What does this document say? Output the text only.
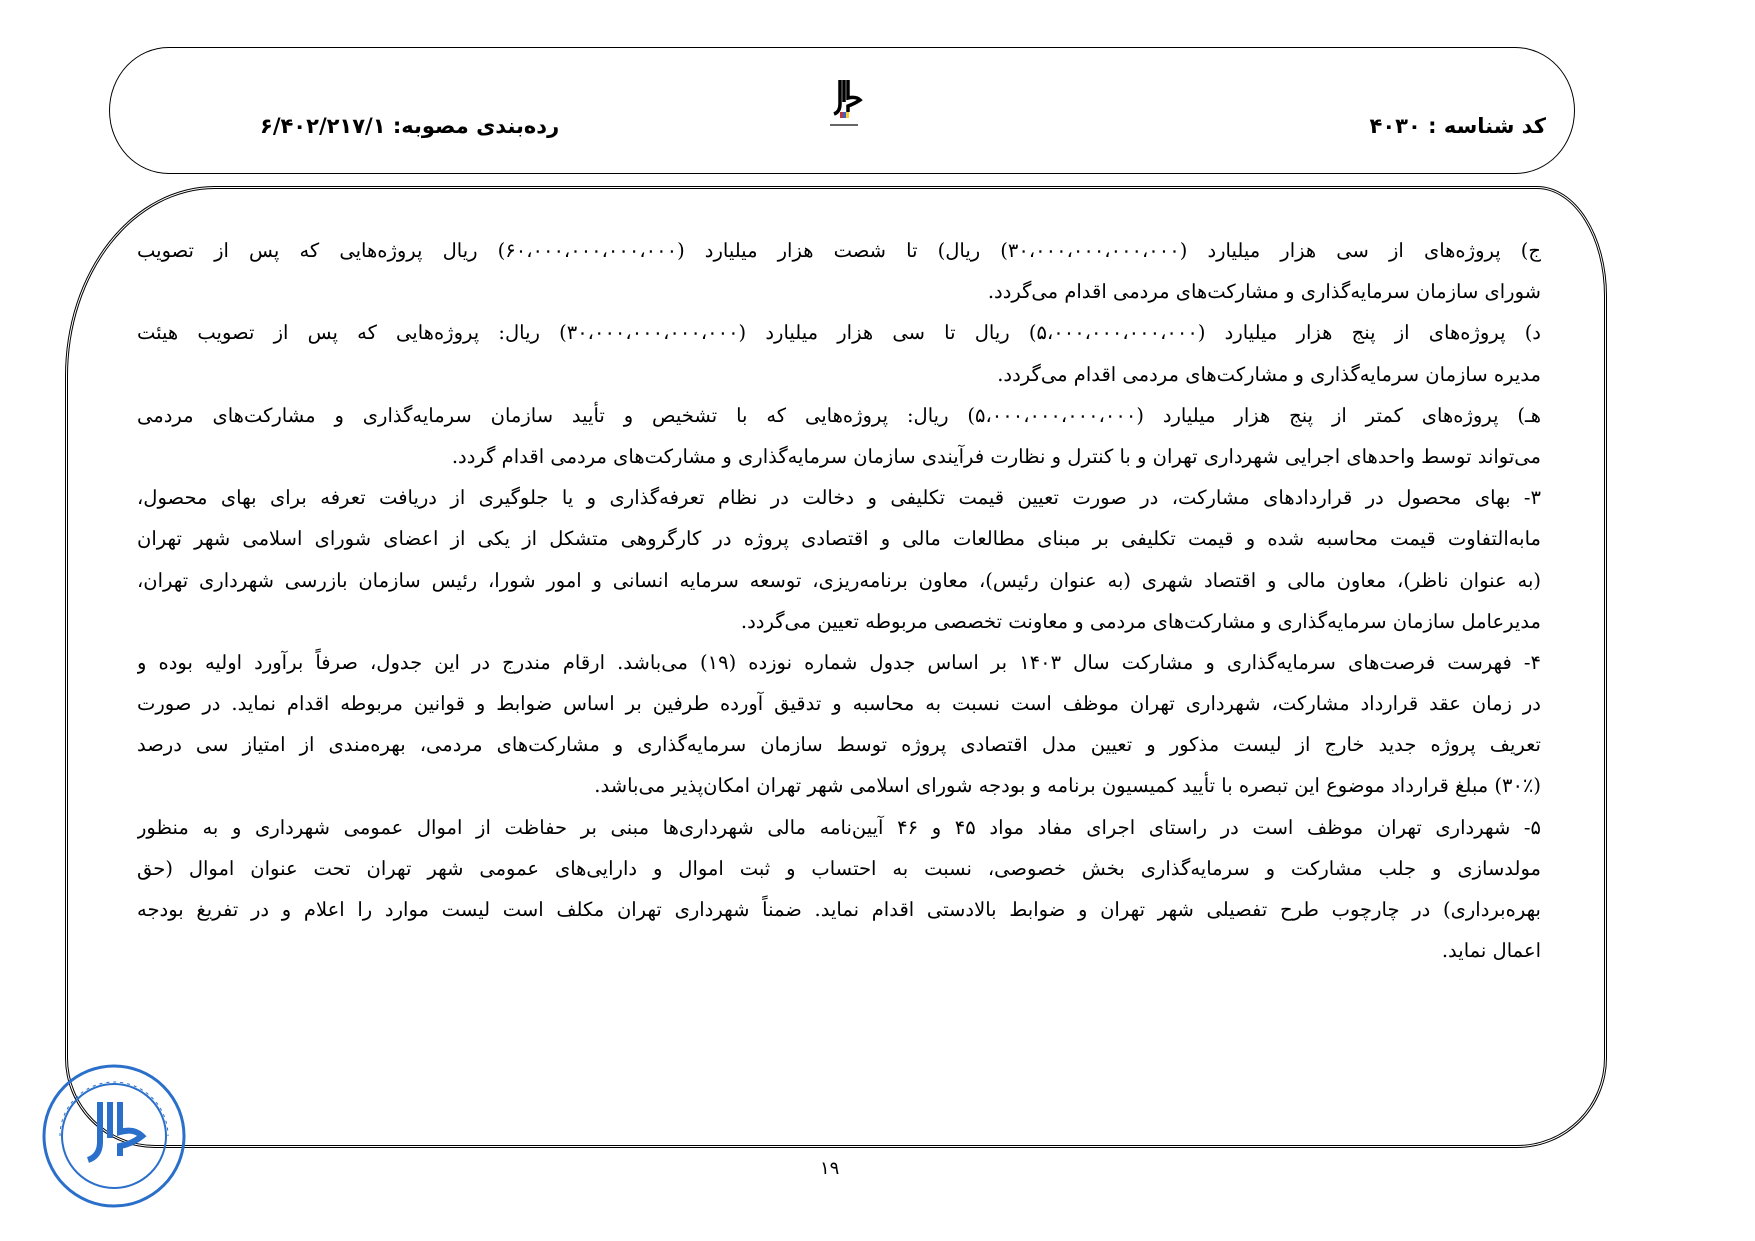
کد شناسه : ۴۰۳۰
رده‌بندی مصوبه: ۶/۴۰۲/۲۱۷/۱
ج) پروژه‌های از سی هزار میلیارد (۳۰،۰۰۰،۰۰۰،۰۰۰،۰۰۰) ریال) تا شصت هزار میلیارد (۶۰،۰۰۰،۰۰۰،۰۰۰،۰۰۰) ریال پروژه‌هایی که پس از تصویب
شورای سازمان سرمایه‌گذاری و مشارکت‌های مردمی اقدام می‌گردد.
د) پروژه‌های از پنج هزار میلیارد (۵،۰۰۰،۰۰۰،۰۰۰،۰۰۰) ریال تا سی هزار میلیارد (۳۰،۰۰۰،۰۰۰،۰۰۰،۰۰۰) ریال: پروژه‌هایی که پس از تصویب هیئت
مدیره سازمان سرمایه‌گذاری و مشارکت‌های مردمی اقدام می‌گردد.
هـ) پروژه‌های کمتر از پنج هزار میلیارد (۵،۰۰۰،۰۰۰،۰۰۰،۰۰۰) ریال: پروژه‌هایی که با تشخیص و تأیید سازمان سرمایه‌گذاری و مشارکت‌های مردمی
می‌تواند توسط واحدهای اجرایی شهرداری تهران و با کنترل و نظارت فرآیندی سازمان سرمایه‌گذاری و مشارکت‌های مردمی اقدام گردد.
۳- بهای محصول در قراردادهای مشارکت، در صورت تعیین قیمت تکلیفی و دخالت در نظام تعرفه‌گذاری و یا جلوگیری از دریافت تعرفه برای بهای محصول،
مابه‌التفاوت قیمت محاسبه شده و قیمت تکلیفی بر مبنای مطالعات مالی و اقتصادی پروژه در کارگروهی متشکل از یکی از اعضای شورای اسلامی شهر تهران
(به عنوان ناظر)، معاون مالی و اقتصاد شهری (به عنوان رئیس)، معاون برنامه‌ریزی، توسعه سرمایه انسانی و امور شورا، رئیس سازمان بازرسی شهرداری تهران،
مدیرعامل سازمان سرمایه‌گذاری و مشارکت‌های مردمی و معاونت تخصصی مربوطه تعیین می‌گردد.
۴- فهرست فرصت‌های سرمایه‌گذاری و مشارکت سال ۱۴۰۳ بر اساس جدول شماره نوزده (۱۹) می‌باشد. ارقام مندرج در این جدول، صرفاً برآورد اولیه بوده و
در زمان عقد قرارداد مشارکت، شهرداری تهران موظف است نسبت به محاسبه و تدقیق آورده طرفین بر اساس ضوابط و قوانین مربوطه اقدام نماید. در صورت
تعریف پروژه جدید خارج از لیست مذکور و تعیین مدل اقتصادی پروژه توسط سازمان سرمایه‌گذاری و مشارکت‌های مردمی، بهره‌مندی از امتیاز سی درصد
(۳۰٪) مبلغ قرارداد موضوع این تبصره با تأیید کمیسیون برنامه و بودجه شورای اسلامی شهر تهران امکان‌پذیر می‌باشد.
۵- شهرداری تهران موظف است در راستای اجرای مفاد مواد ۴۵ و ۴۶ آیین‌نامه مالی شهرداری‌ها مبنی بر حفاظت از اموال عمومی شهرداری و به منظور
مولدسازی و جلب مشارکت و سرمایه‌گذاری بخش خصوصی، نسبت به احتساب و ثبت اموال و دارایی‌های عمومی شهر تهران تحت عنوان اموال (حق
بهره‌برداری) در چارچوب طرح تفصیلی شهر تهران و ضوابط بالادستی اقدام نماید. ضمناً شهرداری تهران مکلف است لیست موارد را اعلام و در تفریغ بودجه
اعمال نماید.
۱۹
